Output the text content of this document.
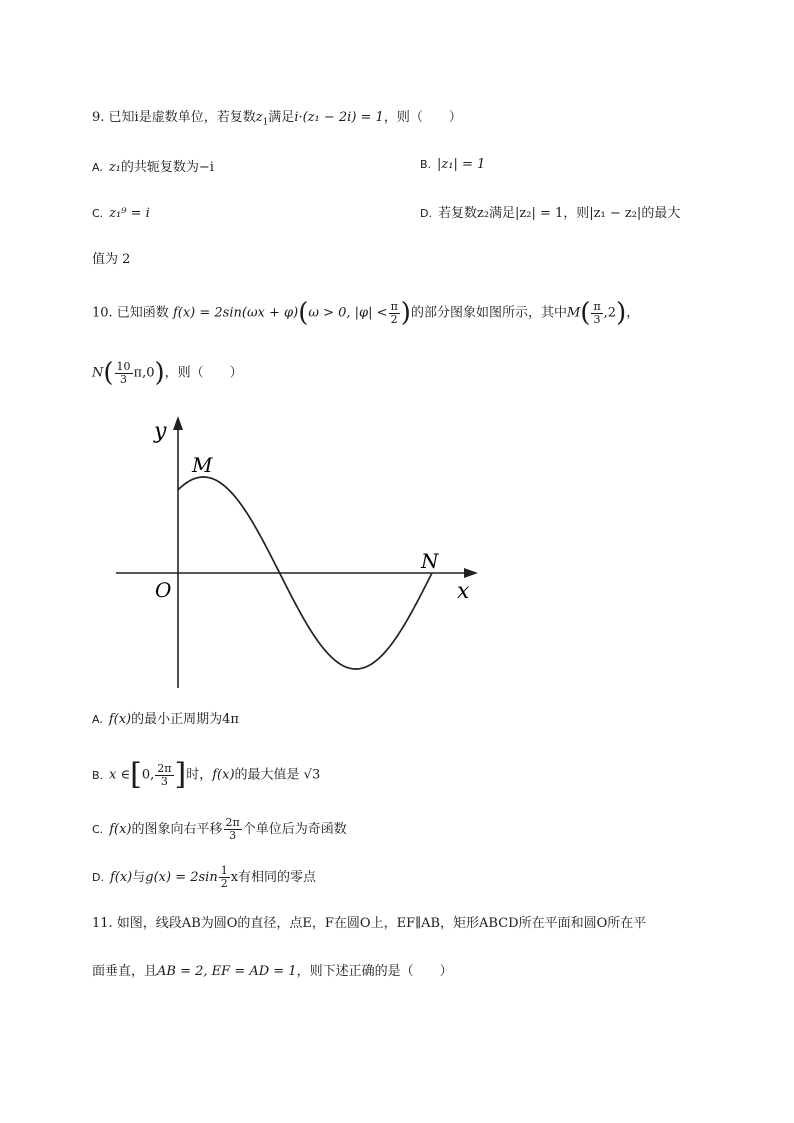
9. 已知i是虚数单位，若复数$z_1$满足i·(z₁ − 2i) = 1，则（　　）
A. z₁的共轭复数为−i	B. |z₁| = 1
C. z₁⁹ = i	D. 若复数z₂满足|z₂| = 1，则|z₁ − z₂|的最大
值为 2
10. 已知函数 f(x) = 2sin(ωx + φ)(ω > 0, $|\varphi| < \frac{\pi}{2}$ )的部分图象如图所示，其中$M( \frac{\pi}{3} ,2)$，
$N( \frac{10}{3} \pi,0)$，则（　　）
y
x
O
M
N
A. f(x)的最小正周期为4π
B. x ∈[0, $\frac{2\pi}{3}$ ]时，f(x)的最大值是 √3
C. f(x)的图象向右平移 $\frac{2\pi}{3}$ 个单位后为奇函数
D. f(x)与$g(x) = 2\sin \frac{1}{2}$ x有相同的零点
11. 如图，线段AB为圆O的直径，点E，F在圆O上，EF∥AB，矩形ABCD所在平面和圆O所在平
面垂直，且AB = 2, EF = AD = 1，则下述正确的是（　　）
